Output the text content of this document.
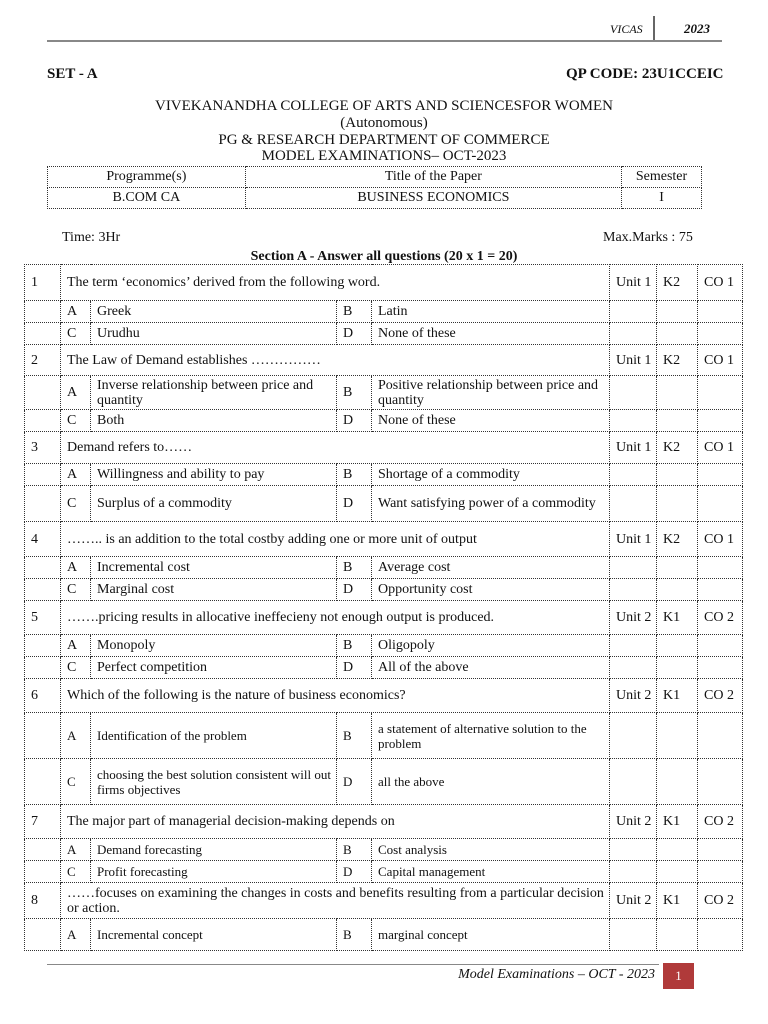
VICAS	2023
SET - A	QP CODE: 23U1CCEIC
VIVEKANANDHA COLLEGE OF ARTS AND SCIENCESFOR WOMEN
(Autonomous)
PG & RESEARCH DEPARTMENT OF COMMERCE
MODEL EXAMINATIONS– OCT-2023
Programme(s)	Title of the Paper	Semester
B.COM CA	BUSINESS ECONOMICS	I
Time: 3Hr	Max.Marks : 75
Section A - Answer all questions (20 x 1 = 20)
1	The term ‘economics’ derived from the following word.				Unit 1	K2	CO 1
	A	Greek	B	Latin			
	C	Urudhu	D	None of these			
2	The Law of Demand establishes ……………				Unit 1	K2	CO 1
	A	Inverse relationship between price and quantity	B	Positive relationship between price and quantity			
	C	Both	D	None of these			
3	Demand refers to……				Unit 1	K2	CO 1
	A	Willingness and ability to pay	B	Shortage of a commodity			
	C	Surplus of a commodity	D	Want satisfying power of a commodity			
4	…….. is an addition to the total costby adding one or more unit of output				Unit 1	K2	CO 1
	A	Incremental cost	B	Average cost			
	C	Marginal cost	D	Opportunity cost			
5	…….pricing results in allocative ineffecieny not enough output is produced.				Unit 2	K1	CO 2
	A	Monopoly	B	Oligopoly			
	C	Perfect competition	D	All of the above			
6	Which of the following is the nature of business economics?				Unit 2	K1	CO 2
	A	Identification of the problem	B	a statement of alternative solution to the problem			
	C	choosing the best solution consistent will out firms objectives	D	all the above			
7	The major part of managerial decision-making depends on				Unit 2	K1	CO 2
	A	Demand forecasting	B	Cost analysis			
	C	Profit forecasting	D	Capital management			
8	……focuses on examining the changes in costs and benefits resulting from a particular decision or action.				Unit 2	K1	CO 2
	A	Incremental concept	B	marginal concept			
Model Examinations – OCT - 2023	1
